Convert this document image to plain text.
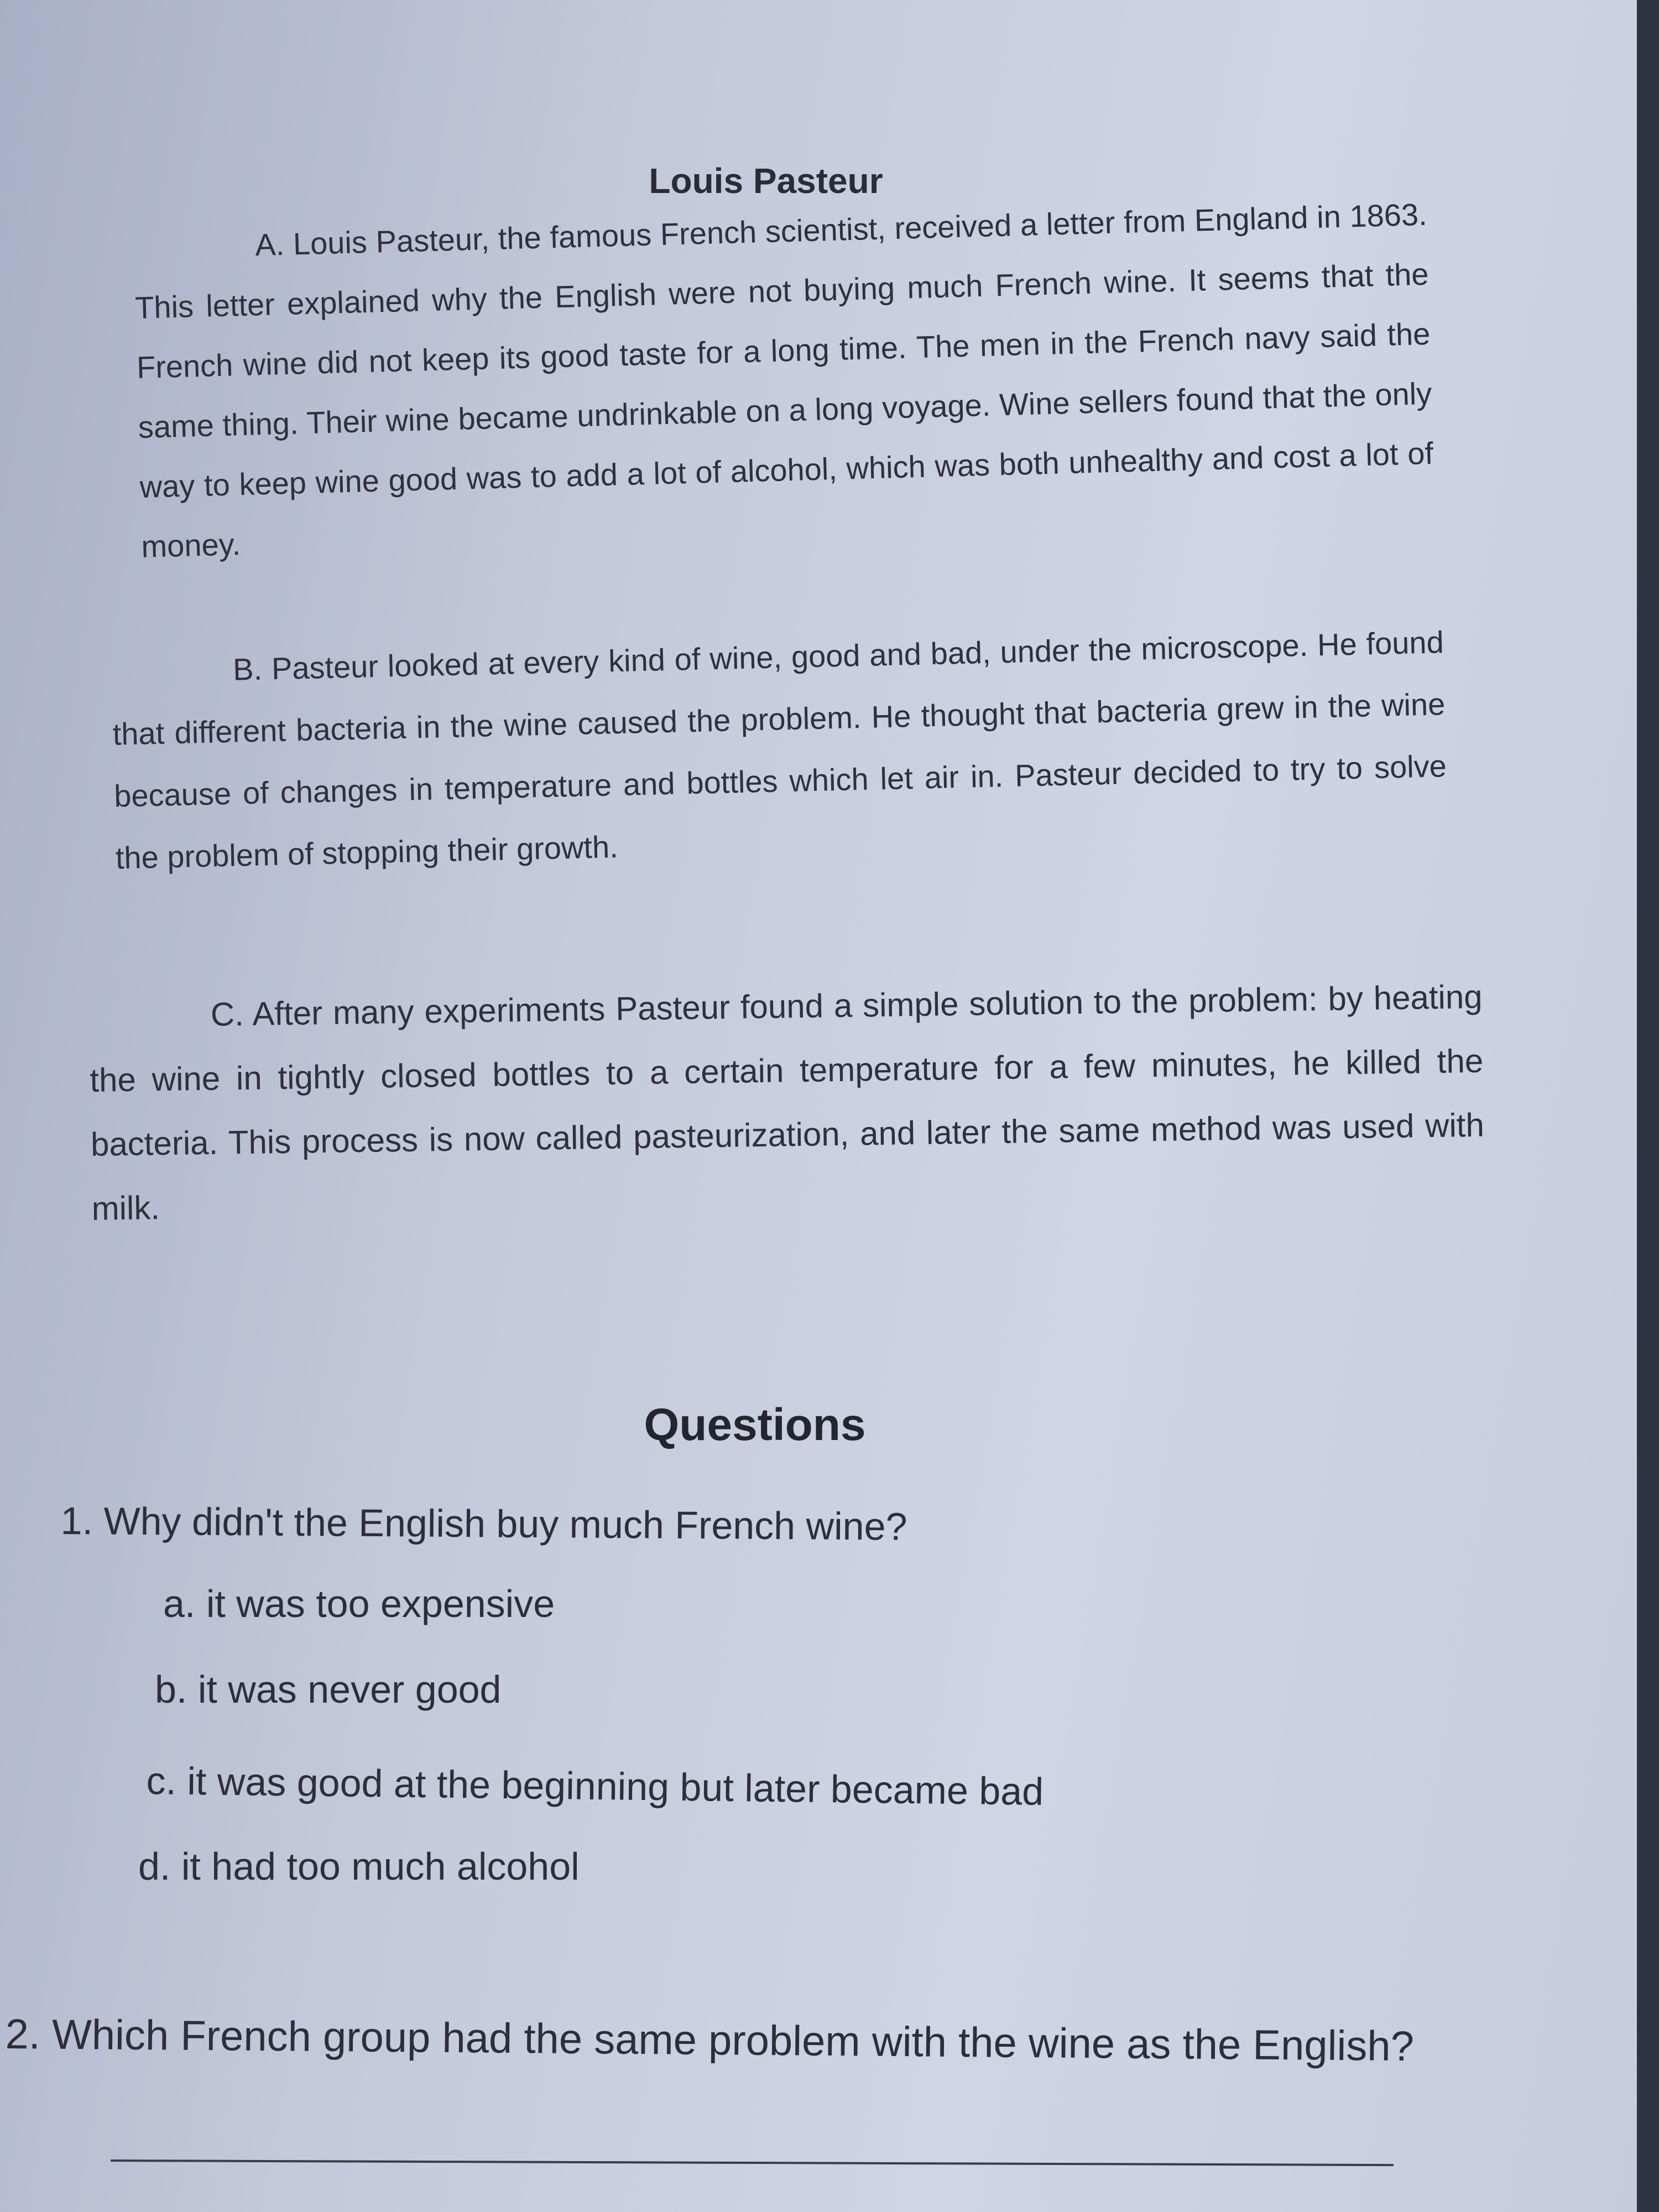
Louis Pasteur

A. Louis Pasteur, the famous French scientist, received a letter from England in 1863. This letter explained why the English were not buying much French wine. It seems that the French wine did not keep its good taste for a long time. The men in the French navy said the same thing. Their wine became undrinkable on a long voyage. Wine sellers found that the only way to keep wine good was to add a lot of alcohol, which was both unhealthy and cost a lot of money.

B. Pasteur looked at every kind of wine, good and bad, under the microscope. He found that different bacteria in the wine caused the problem. He thought that bacteria grew in the wine because of changes in temperature and bottles which let air in. Pasteur decided to try to solve the problem of stopping their growth.

C. After many experiments Pasteur found a simple solution to the problem: by heating the wine in tightly closed bottles to a certain temperature for a few minutes, he killed the bacteria. This process is now called pasteurization, and later the same method was used with milk.

Questions
1. Why didn't the English buy much French wine?
a. it was too expensive
b. it was never good
c. it was good at the beginning but later became bad
d. it had too much alcohol
2. Which French group had the same problem with the wine as the English?
